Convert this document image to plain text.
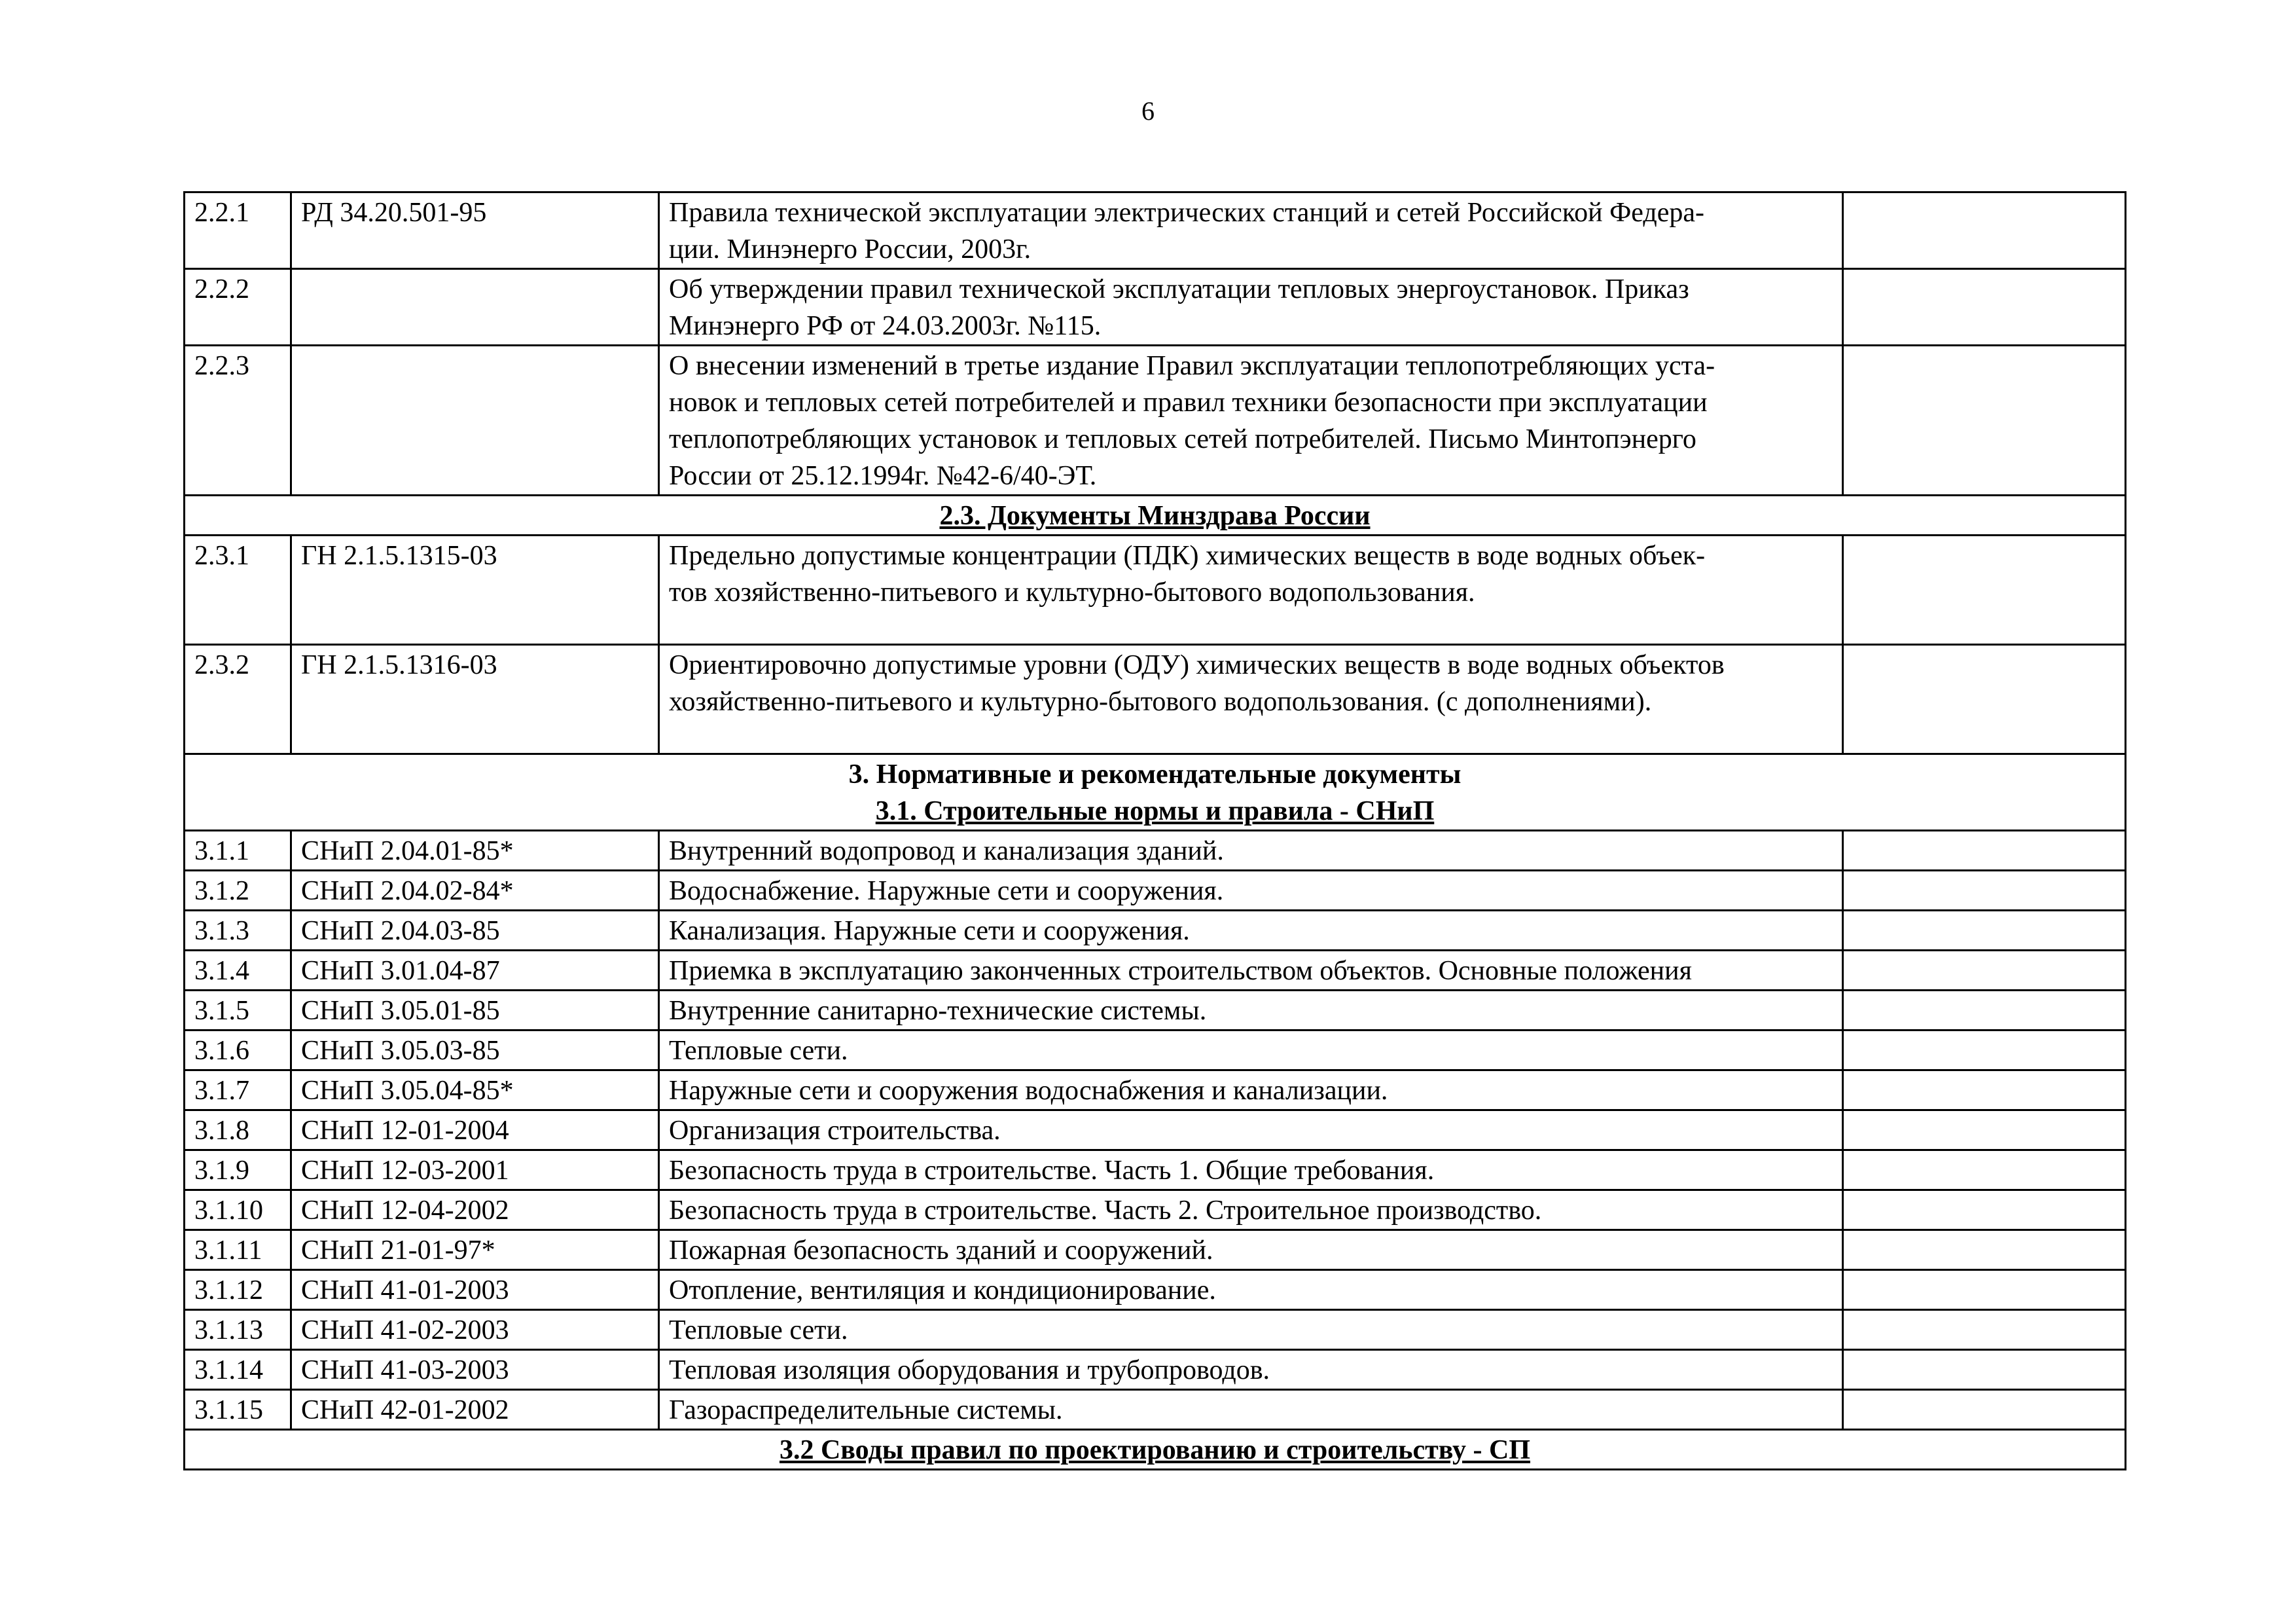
6
2.2.1	РД 34.20.501-95	Правила технической эксплуатации электрических станций и сетей Российской Федера-
ции. Минэнерго России, 2003г.	
2.2.2		Об утверждении правил технической эксплуатации тепловых энергоустановок. Приказ
Минэнерго РФ от 24.03.2003г. №115.	
2.2.3		О внесении изменений в третье издание Правил эксплуатации теплопотребляющих уста-
новок и тепловых сетей потребителей и правил техники безопасности при эксплуатации
теплопотребляющих установок и тепловых сетей потребителей. Письмо Минтопэнерго
России от 25.12.1994г. №42-6/40-ЭТ.	
2.3. Документы Минздрава России			
2.3.1	ГН 2.1.5.1315-03	Предельно допустимые концентрации (ПДК) химических веществ в воде водных объек-
тов хозяйственно-питьевого и культурно-бытового водопользования.	
2.3.2	ГН 2.1.5.1316-03	Ориентировочно допустимые уровни (ОДУ) химических веществ в воде водных объектов
хозяйственно-питьевого и культурно-бытового водопользования. (с дополнениями).	
3. Нормативные и рекомендательные документы
3.1. Строительные нормы и правила - СНиП			
3.1.1	СНиП 2.04.01-85*	Внутренний водопровод и канализация зданий.	
3.1.2	СНиП 2.04.02-84*	Водоснабжение. Наружные сети и сооружения.	
3.1.3	СНиП 2.04.03-85	Канализация. Наружные сети и сооружения.	
3.1.4	СНиП 3.01.04-87	Приемка в эксплуатацию законченных строительством объектов. Основные положения	
3.1.5	СНиП 3.05.01-85	Внутренние санитарно-технические системы.	
3.1.6	СНиП 3.05.03-85	Тепловые сети.	
3.1.7	СНиП 3.05.04-85*	Наружные сети и сооружения водоснабжения и канализации.	
3.1.8	СНиП 12-01-2004	Организация строительства.	
3.1.9	СНиП 12-03-2001	Безопасность труда в строительстве. Часть 1. Общие требования.	
3.1.10	СНиП 12-04-2002	Безопасность труда в строительстве. Часть 2. Строительное производство.	
3.1.11	СНиП 21-01-97*	Пожарная безопасность зданий и сооружений.	
3.1.12	СНиП 41-01-2003	Отопление, вентиляция и кондиционирование.	
3.1.13	СНиП 41-02-2003	Тепловые сети.	
3.1.14	СНиП 41-03-2003	Тепловая изоляция оборудования и трубопроводов.	
3.1.15	СНиП 42-01-2002	Газораспределительные системы.	
3.2 Своды правил по проектированию и строительству - СП			
